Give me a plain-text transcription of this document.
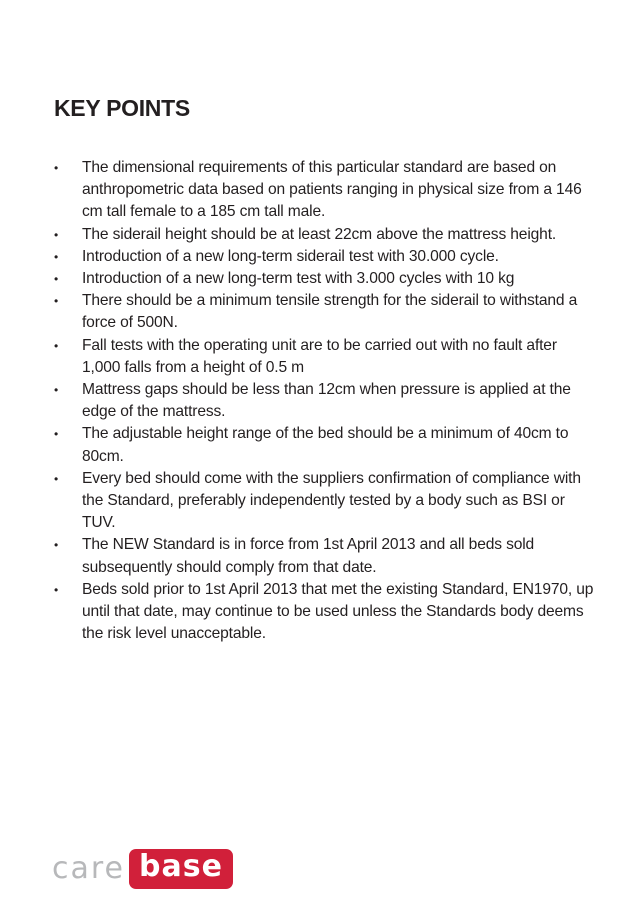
KEY POINTS
• The dimensional requirements of this particular standard are based on anthropometric data based on patients ranging in physical size from a 146 cm tall female to a 185 cm tall male.
• The siderail height should be at least 22cm above the mattress height.
• Introduction of a new long-term siderail test with 30.000 cycle.
• Introduction of a new long-term test with 3.000 cycles with 10 kg
• There should be a minimum tensile strength for the siderail to withstand a force of 500N.
• Fall tests with the operating unit are to be carried out with no fault after 1,000 falls from a height of 0.5 m
• Mattress gaps should be less than 12cm when pressure is applied at the edge of the mattress.
• The adjustable height range of the bed should be a minimum of 40cm to 80cm.
• Every bed should come with the suppliers confirmation of compliance with the Standard, preferably independently tested by a body such as BSI or TUV.
• The NEW Standard is in force from 1st April 2013 and all beds sold subsequently should comply from that date.
• Beds sold prior to 1st April 2013 that met the existing Standard, EN1970, up until that date, may continue to be used unless the Standards body deems the risk level unacceptable.
care base
